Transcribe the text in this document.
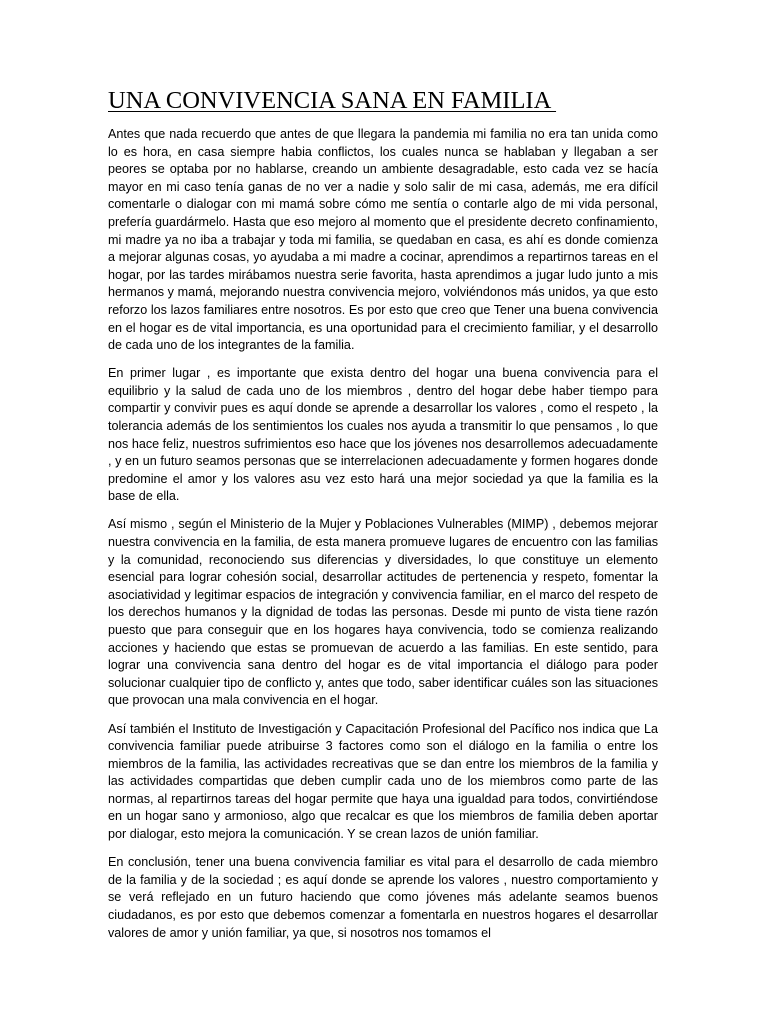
UNA CONVIVENCIA SANA EN FAMILIA

Antes que nada recuerdo que antes de que llegara la pandemia mi familia no era tan unida como lo es hora, en casa siempre habia conflictos, los cuales nunca se hablaban y llegaban a ser peores se optaba por no hablarse, creando un ambiente desagradable, esto cada vez se hacía mayor en mi caso tenía ganas de no ver a nadie y solo salir de mi casa, además, me era difícil comentarle o dialogar con mi mamá sobre cómo me sentía o contarle algo de mi vida personal, prefería guardármelo. Hasta que eso mejoro al momento que el presidente decreto confinamiento, mi madre ya no iba a trabajar y toda mi familia, se quedaban en casa, es ahí es donde comienza a mejorar algunas cosas, yo ayudaba a mi madre a cocinar, aprendimos a repartirnos tareas en el hogar, por las tardes mirábamos nuestra serie favorita, hasta aprendimos a jugar ludo junto a mis hermanos y mamá, mejorando nuestra convivencia mejoro, volviéndonos más unidos, ya que esto reforzo los lazos familiares entre nosotros. Es por esto que creo que Tener una buena convivencia en el hogar es de vital importancia, es una oportunidad para el crecimiento familiar, y el desarrollo de cada uno de los integrantes de la familia.

En primer lugar , es importante que exista dentro del hogar una buena convivencia para el equilibrio y la salud de cada uno de los miembros , dentro del hogar debe haber tiempo para compartir y convivir pues es aquí donde se aprende a desarrollar los valores , como el respeto , la tolerancia además de los sentimientos los cuales nos ayuda a transmitir lo que pensamos , lo que nos hace feliz, nuestros sufrimientos eso hace que los jóvenes nos desarrollemos adecuadamente , y en un futuro seamos personas que se interrelacionen adecuadamente y formen hogares donde predomine el amor y los valores asu vez esto hará una mejor sociedad ya que la familia es la base de ella.

Así mismo , según el Ministerio de la Mujer y Poblaciones Vulnerables (MIMP) , debemos mejorar nuestra convivencia en la familia, de esta manera promueve lugares de encuentro con las familias y la comunidad, reconociendo sus diferencias y diversidades, lo que constituye un elemento esencial para lograr cohesión social, desarrollar actitudes de pertenencia y respeto, fomentar la asociatividad y legitimar espacios de integración y convivencia familiar, en el marco del respeto de los derechos humanos y la dignidad de todas las personas. Desde mi punto de vista tiene razón puesto que para conseguir que en los hogares haya convivencia, todo se comienza realizando acciones y haciendo que estas se promuevan de acuerdo a las familias. En este sentido, para lograr una convivencia sana dentro del hogar es de vital importancia el diálogo para poder solucionar cualquier tipo de conflicto y, antes que todo, saber identificar cuáles son las situaciones que provocan una mala convivencia en el hogar.

Así también el Instituto de Investigación y Capacitación Profesional del Pacífico nos indica que La convivencia familiar puede atribuirse 3 factores como son el diálogo en la familia o entre los miembros de la familia, las actividades recreativas que se dan entre los miembros de la familia y las actividades compartidas que deben cumplir cada uno de los miembros como parte de las normas, al repartirnos tareas del hogar permite que haya una igualdad para todos, convirtiéndose en un hogar sano y armonioso, algo que recalcar es que los miembros de familia deben aportar por dialogar, esto mejora la comunicación. Y se crean lazos de unión familiar.

En conclusión, tener una buena convivencia familiar es vital para el desarrollo de cada miembro de la familia y de la sociedad ; es aquí donde se aprende los valores , nuestro comportamiento y se verá reflejado en un futuro haciendo que como jóvenes más adelante seamos buenos ciudadanos, es por esto que debemos comenzar a fomentarla en nuestros hogares el desarrollar valores de amor y unión familiar, ya que, si nosotros nos tomamos el
